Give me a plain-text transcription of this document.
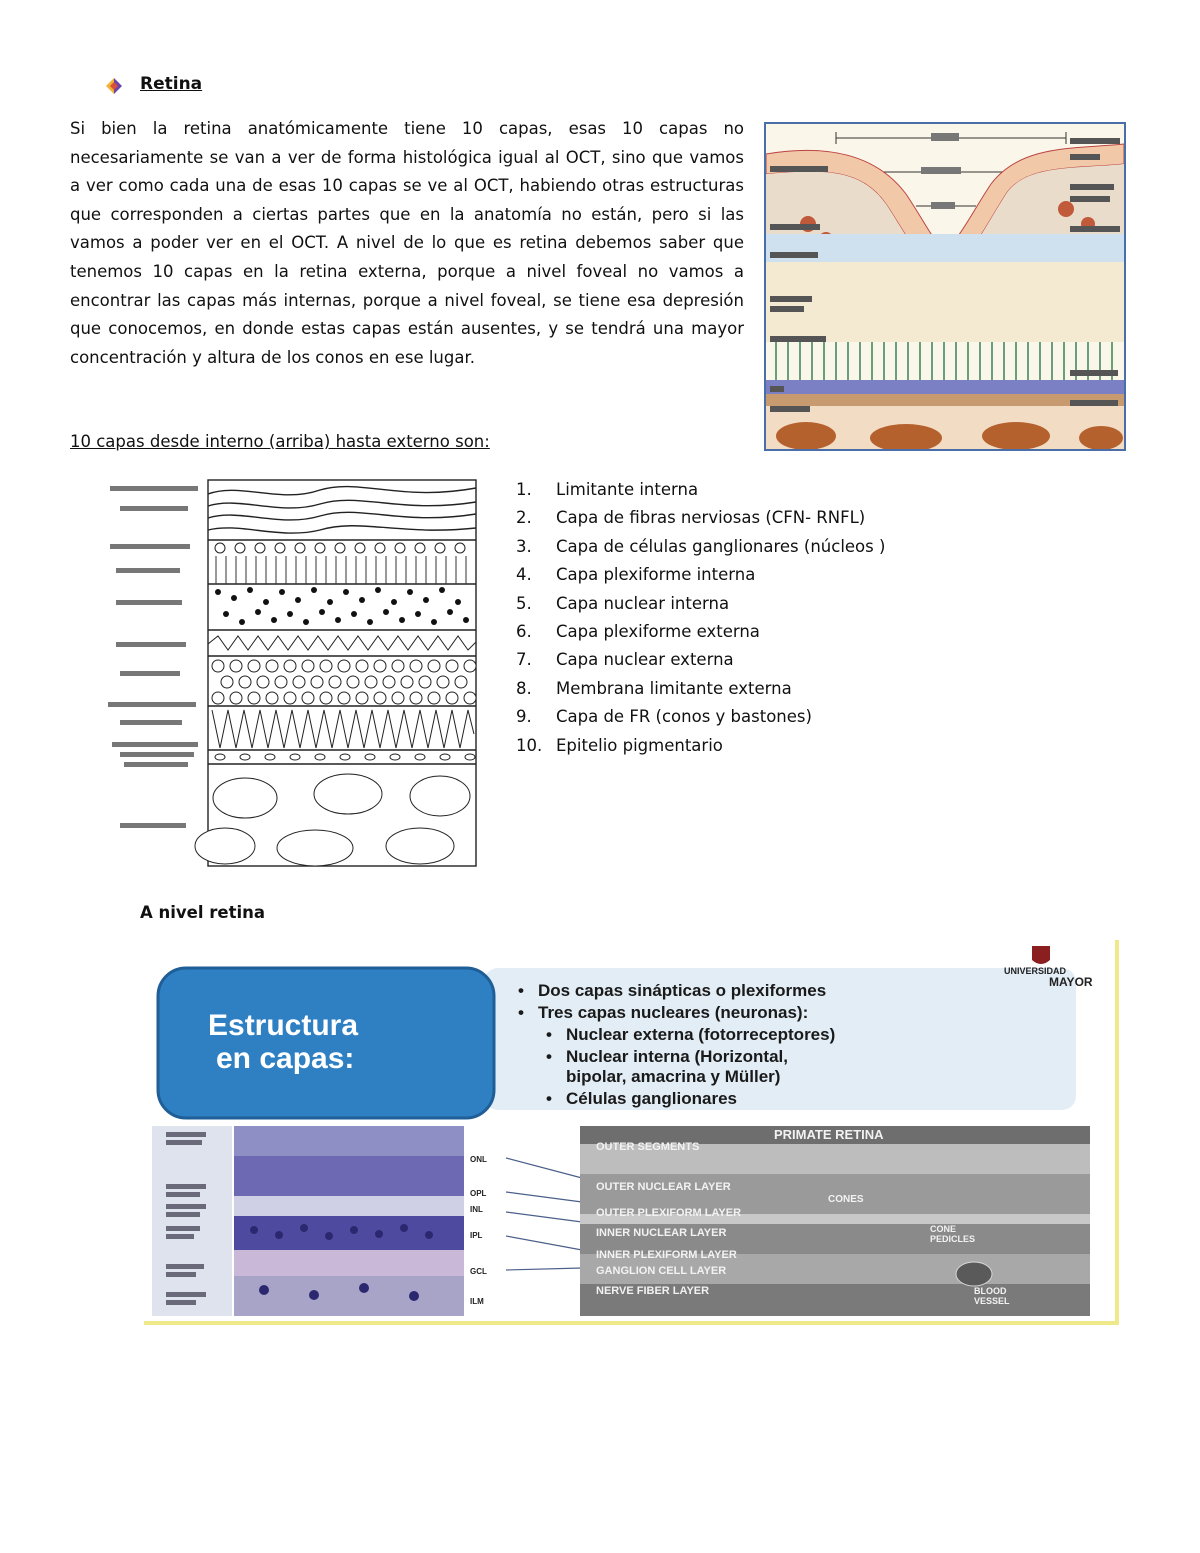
Retina
Si bien la retina anatómicamente tiene 10 capas, esas 10 capas no necesariamente se van a ver de forma histológica igual al OCT, sino que vamos a ver como cada una de esas 10 capas se ve al OCT, habiendo otras estructuras que corresponden a ciertas partes que en la anatomía no están, pero si las vamos a poder ver en el OCT. A nivel de lo que es retina debemos saber que tenemos 10 capas en la retina externa, porque a nivel foveal no vamos a encontrar las capas más internas, porque a nivel foveal, se tiene esa depresión que conocemos, en donde estas capas están ausentes, y se tendrá una mayor concentración y altura de los conos en ese lugar.
10 capas desde interno (arriba) hasta externo son:
1.	Limitante interna
2.	Capa de fibras nerviosas (CFN- RNFL)
3.	Capa de células ganglionares (núcleos )
4.	Capa plexiforme interna
5.	Capa nuclear interna
6.	Capa plexiforme externa
7.	Capa nuclear externa
8.	Membrana limitante externa
9.	Capa de FR (conos y bastones)
10. Epitelio pigmentario
A nivel retina
Estructura
en capas:
UNIVERSIDAD
MAYOR
• Dos capas sinápticas o plexiformes
• Tres capas nucleares (neuronas):
• Nuclear externa (fotorreceptores)
• Nuclear interna (Horizontal,
bipolar, amacrina y Müller)
• Células ganglionares
ONL
OPL
INL
IPL
GCL
ILM
PRIMATE RETINA
OUTER SEGMENTS
OUTER NUCLEAR LAYER
CONES
OUTER PLEXIFORM LAYER
INNER NUCLEAR LAYER	CONE
PEDICLES
INNER PLEXIFORM LAYER
GANGLION CELL LAYER
NERVE FIBER LAYER	BLOOD
VESSEL
